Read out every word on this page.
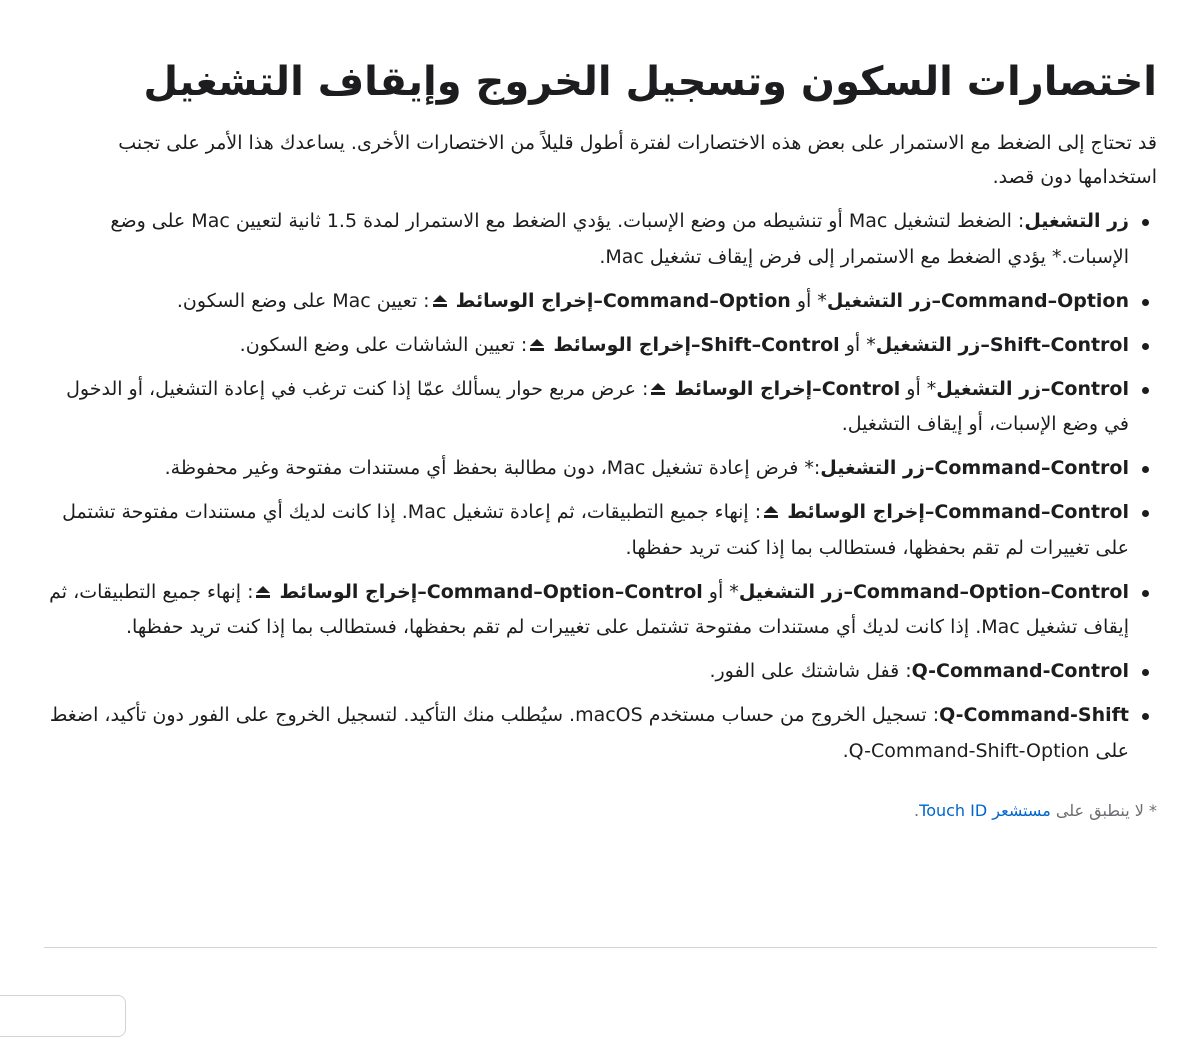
اختصارات السكون وتسجيل الخروج وإيقاف التشغيل

قد تحتاج إلى الضغط مع الاستمرار على بعض هذه الاختصارات لفترة أطول قليلاً من الاختصارات الأخرى. يساعدك هذا الأمر على تجنب استخدامها دون قصد.

زر التشغيل: الضغط لتشغيل Mac أو تنشيطه من وضع الإسبات. يؤدي الضغط مع الاستمرار لمدة 1.5 ثانية لتعيين Mac على وضع الإسبات.* يؤدي الضغط مع الاستمرار إلى فرض إيقاف تشغيل Mac.
Command–Option–زر التشغيل* أو Command–Option–إخراج الوسائط : تعيين Mac على وضع السكون.
Shift–Control–زر التشغيل* أو Shift–Control–إخراج الوسائط : تعيين الشاشات على وضع السكون.
Control–زر التشغيل* أو Control–إخراج الوسائط : عرض مربع حوار يسألك عمّا إذا كنت ترغب في إعادة التشغيل، أو الدخول في وضع الإسبات، أو إيقاف التشغيل.
Command–Control–زر التشغيل:* فرض إعادة تشغيل Mac، دون مطالبة بحفظ أي مستندات مفتوحة وغير محفوظة.
Command–Control–إخراج الوسائط : إنهاء جميع التطبيقات، ثم إعادة تشغيل Mac. إذا كانت لديك أي مستندات مفتوحة تشتمل على تغييرات لم تقم بحفظها، فستطالب بما إذا كنت تريد حفظها.
Command–Option–Control–زر التشغيل* أو Command–Option–Control–إخراج الوسائط : إنهاء جميع التطبيقات، ثم إيقاف تشغيل Mac. إذا كانت لديك أي مستندات مفتوحة تشتمل على تغييرات لم تقم بحفظها، فستطالب بما إذا كنت تريد حفظها.
Q-Command-Control: قفل شاشتك على الفور.
Q-Command-Shift: تسجيل الخروج من حساب مستخدم macOS. سيُطلب منك التأكيد. لتسجيل الخروج على الفور دون تأكيد، اضغط على Q-Command-Shift-Option.

* لا ينطبق على مستشعر Touch ID.
